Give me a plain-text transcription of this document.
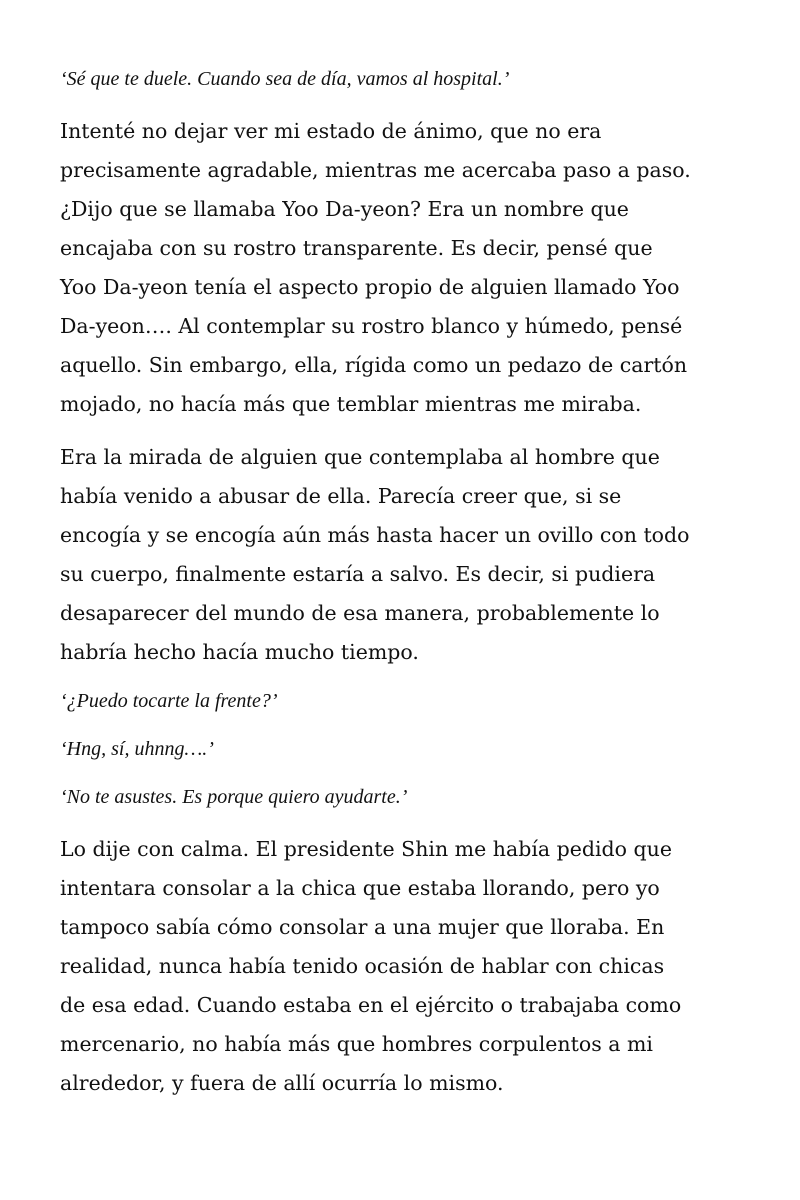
‘Sé que te duele. Cuando sea de día, vamos al hospital.’

Intenté no dejar ver mi estado de ánimo, que no era
precisamente agradable, mientras me acercaba paso a paso.
¿Dijo que se llamaba Yoo Da-yeon? Era un nombre que
encajaba con su rostro transparente. Es decir, pensé que
Yoo Da-yeon tenía el aspecto propio de alguien llamado Yoo
Da-yeon…. Al contemplar su rostro blanco y húmedo, pensé
aquello. Sin embargo, ella, rígida como un pedazo de cartón
mojado, no hacía más que temblar mientras me miraba.

Era la mirada de alguien que contemplaba al hombre que
había venido a abusar de ella. Parecía creer que, si se
encogía y se encogía aún más hasta hacer un ovillo con todo
su cuerpo, finalmente estaría a salvo. Es decir, si pudiera
desaparecer del mundo de esa manera, probablemente lo
habría hecho hacía mucho tiempo.

‘¿Puedo tocarte la frente?’

‘Hng, sí, uhnng….’

‘No te asustes. Es porque quiero ayudarte.’

Lo dije con calma. El presidente Shin me había pedido que
intentara consolar a la chica que estaba llorando, pero yo
tampoco sabía cómo consolar a una mujer que lloraba. En
realidad, nunca había tenido ocasión de hablar con chicas
de esa edad. Cuando estaba en el ejército o trabajaba como
mercenario, no había más que hombres corpulentos a mi
alrededor, y fuera de allí ocurría lo mismo.
